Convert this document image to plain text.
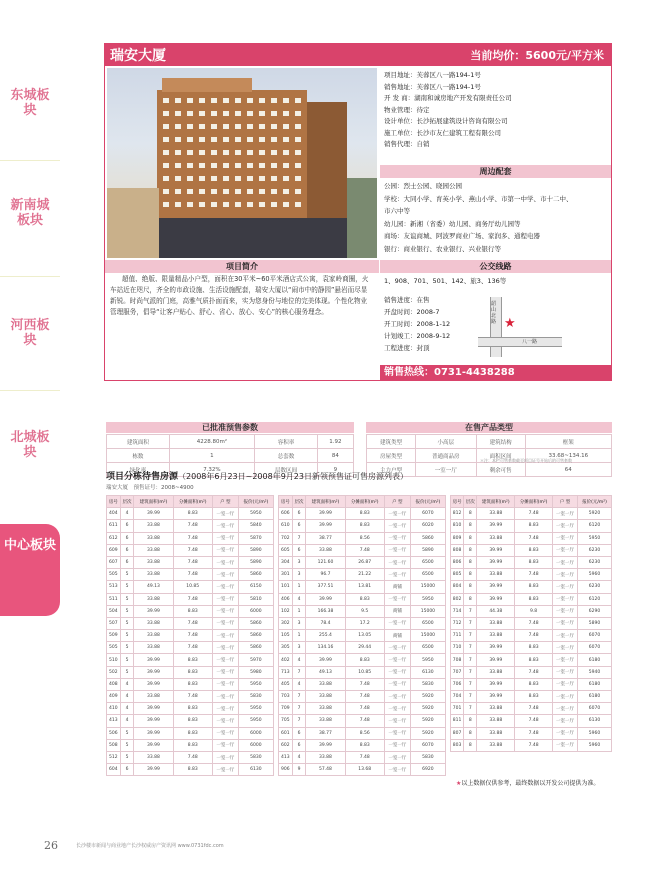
东城板块
新南城板块
河西板块
北城板块
中心板块
瑞安大厦	当前均价：5600元/平方米
项目地址：芙蓉区八一路194-1号
销售地址：芙蓉区八一路194-1号
开 发 商：湖南和诚房地产开发有限责任公司
物业管理：待定
设计单位：长沙拓展建筑设计咨询有限公司
施工单位：长沙市友仁建筑工程有限公司
销售代理：自销
周边配套
公园：烈士公园、晓园公园
学校：大同小学、育英小学、燕山小学、市第一中学、市十二中、
市六中等
幼儿园：新湘（省委）幼儿园、商务厅幼儿园等
商场：友谊商城、阿波罗商业广场、家润多、通程电器
银行：商业银行、农业银行、兴业银行等
项目简介
超值、绝版、限量精品小户型，面积在30平米~60平米酒店式公寓，袁家岭商圈，火车站近在咫尺，齐全的市政设施、生活设施配套，瑞安大厦以“闹市中的静园”悬岩而尽显新锐。时尚气派的门庭，高雅气质扑面而来，实为您身份与地位的完美体现。个性化物业管理服务，倡导“让客户贴心、舒心、省心、放心、安心”的核心服务理念。
公交线路
1、908、701、501、142、旅3、136等
销售进度：在售
开盘时间：2008-7
开工时间：2008-1-12
计划竣工：2008-9-12
工程进度：封顶
韶山北路
八一路
★
销售热线：0731-4438288
已批准预售参数
建筑面积	4228.80m²	容积率	1.92
栋数	1	总套数	84
绿化率	7.32%	层数区间	9
在售产品类型
建筑类型	小高层	建筑结构	框架
房屋类型	普通商品房	面积区间	33.68~134.16
主力户型	一室一厅	剩余可售	64
＊注：本栏可售套数截至项目证号开始后的可售套数
项目分栋待售房源（2008年6月23日~2008年9月23日新领预售证可售房源列表）
瑞安大厦　预售证号：2008~4900
房号	层次	建筑面积(m²)	分摊面积(m²)	户 型	报价(元/m²)
404	4	39.99	8.83	一室一厅	5950
611	6	33.88	7.48	一室一厅	5840
612	6	33.88	7.48	一室一厅	5870
609	6	33.88	7.48	一室一厅	5890
607	6	33.88	7.48	一室一厅	5890
505	5	33.88	7.48	一室一厅	5860
513	5	49.13	10.85	一室一厅	6150
511	5	33.88	7.48	一室一厅	5810
504	5	39.99	8.83	一室一厅	6000
507	5	33.88	7.48	一室一厅	5860
509	5	33.88	7.48	一室一厅	5860
505	5	33.88	7.48	一室一厅	5860
510	5	39.99	8.83	一室一厅	5970
502	5	39.99	8.83	一室一厅	5980
408	4	39.99	8.83	一室一厅	5950
409	4	33.88	7.48	一室一厅	5830
410	4	39.99	8.83	一室一厅	5950
413	4	39.99	8.83	一室一厅	5950
506	5	39.99	8.83	一室一厅	6000
508	5	39.99	8.83	一室一厅	6000
512	5	33.88	7.48	一室一厅	5830
604	6	39.99	8.83	一室一厅	6130
房号	层次	建筑面积(m²)	分摊面积(m²)	户 型	报价(元/m²)
606	6	39.99	8.83	一室一厅	6070
610	6	39.99	8.83	一室一厅	6020
702	7	38.77	8.56	一室一厅	5860
605	6	33.88	7.48	一室一厅	5890
304	3	121.60	26.87	一室一厅	6500
301	3	96.7	21.22	一室一厅	6500
101	1	377.51	13.81	商铺	15000
406	4	39.99	8.83	一室一厅	5950
102	1	166.38	9.5	商铺	15000
302	3	78.4	17.2	一室一厅	6500
105	1	255.4	13.05	商铺	15000
305	3	134.16	29.44	一室一厅	6500
402	4	39.99	8.83	一室一厅	5950
713	7	49.13	10.85	一室一厅	6130
405	4	33.88	7.48	一室一厅	5830
703	7	33.88	7.48	一室一厅	5920
709	7	33.88	7.48	一室一厅	5920
705	7	33.88	7.48	一室一厅	5920
601	6	38.77	8.56	一室一厅	5920
602	6	39.99	8.83	一室一厅	6070
413	4	33.88	7.48	一室一厅	5830
906	9	57.48	13.68	一室一厅	6920
房号	层次	建筑面积(m²)	分摊面积(m²)	户 型	报价(元/m²)
812	8	33.88	7.48	一室一厅	5920
810	8	39.99	8.83	一室一厅	6120
809	8	33.88	7.48	一室一厅	5950
808	8	39.99	8.83	一室一厅	6230
806	8	39.99	8.83	一室一厅	6230
805	8	33.88	7.48	一室一厅	5960
804	8	39.99	8.83	一室一厅	6230
802	8	39.99	8.83	一室一厅	6120
714	7	44.38	9.8	一室一厅	6290
712	7	33.88	7.48	一室一厅	5890
711	7	33.88	7.48	一室一厅	6070
710	7	39.99	8.83	一室一厅	6070
708	7	39.99	8.83	一室一厅	6180
707	7	33.88	7.48	一室一厅	5940
706	7	39.99	8.83	一室一厅	6180
704	7	39.99	8.83	一室一厅	6180
701	7	33.88	7.48	一室一厅	6070
811	8	33.88	7.48	一室一厅	6130
807	8	33.88	7.48	一室一厅	5960
803	8	33.88	7.48	一室一厅	5960
★以上数据仅供参考，最终数据以开发公司提供为准。
26	长沙楼市新闻与商业地产长沙权威房产资讯网 www.0731fdc.com
